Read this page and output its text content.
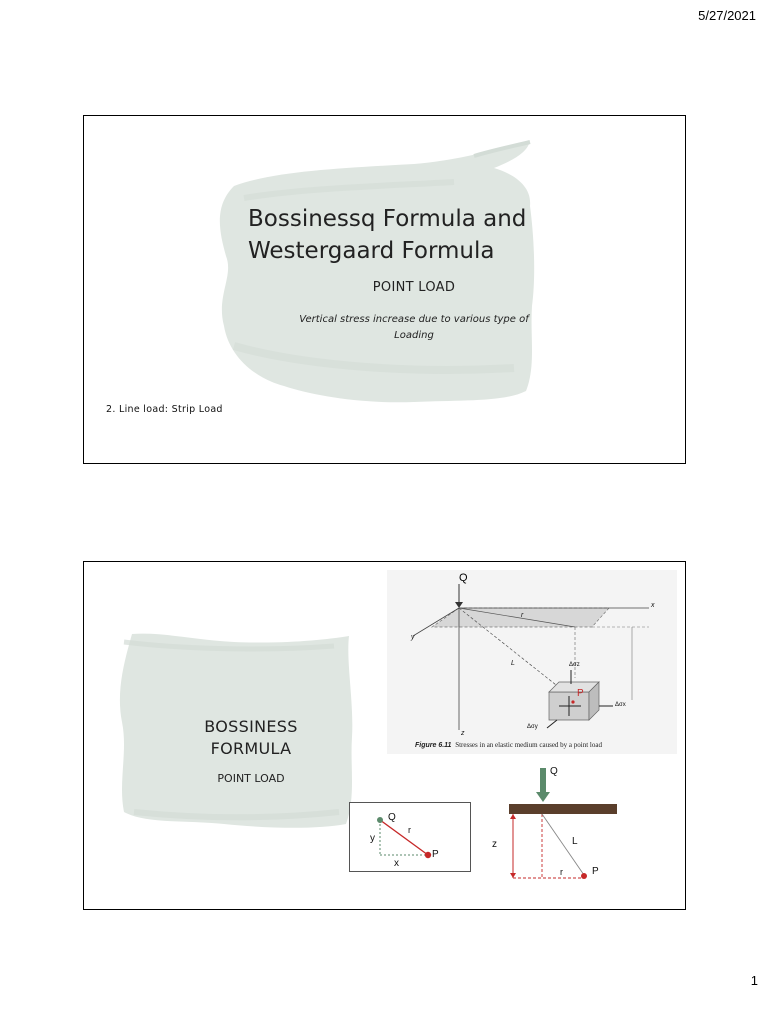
5/27/2021
Bossinessq Formula and
Westergaard Formula
POINT LOAD
Vertical stress increase due to various type of
Loading
2. Line load: Strip Load
BOSSINESS
FORMULA
POINT LOAD
Q
x
y
z
r
L
P
Δσz
Δσx
Δσy
Figure 6.11 Stresses in an elastic medium caused by a point load
Q
P
r
x
y
Q
z	L
r	P
1
